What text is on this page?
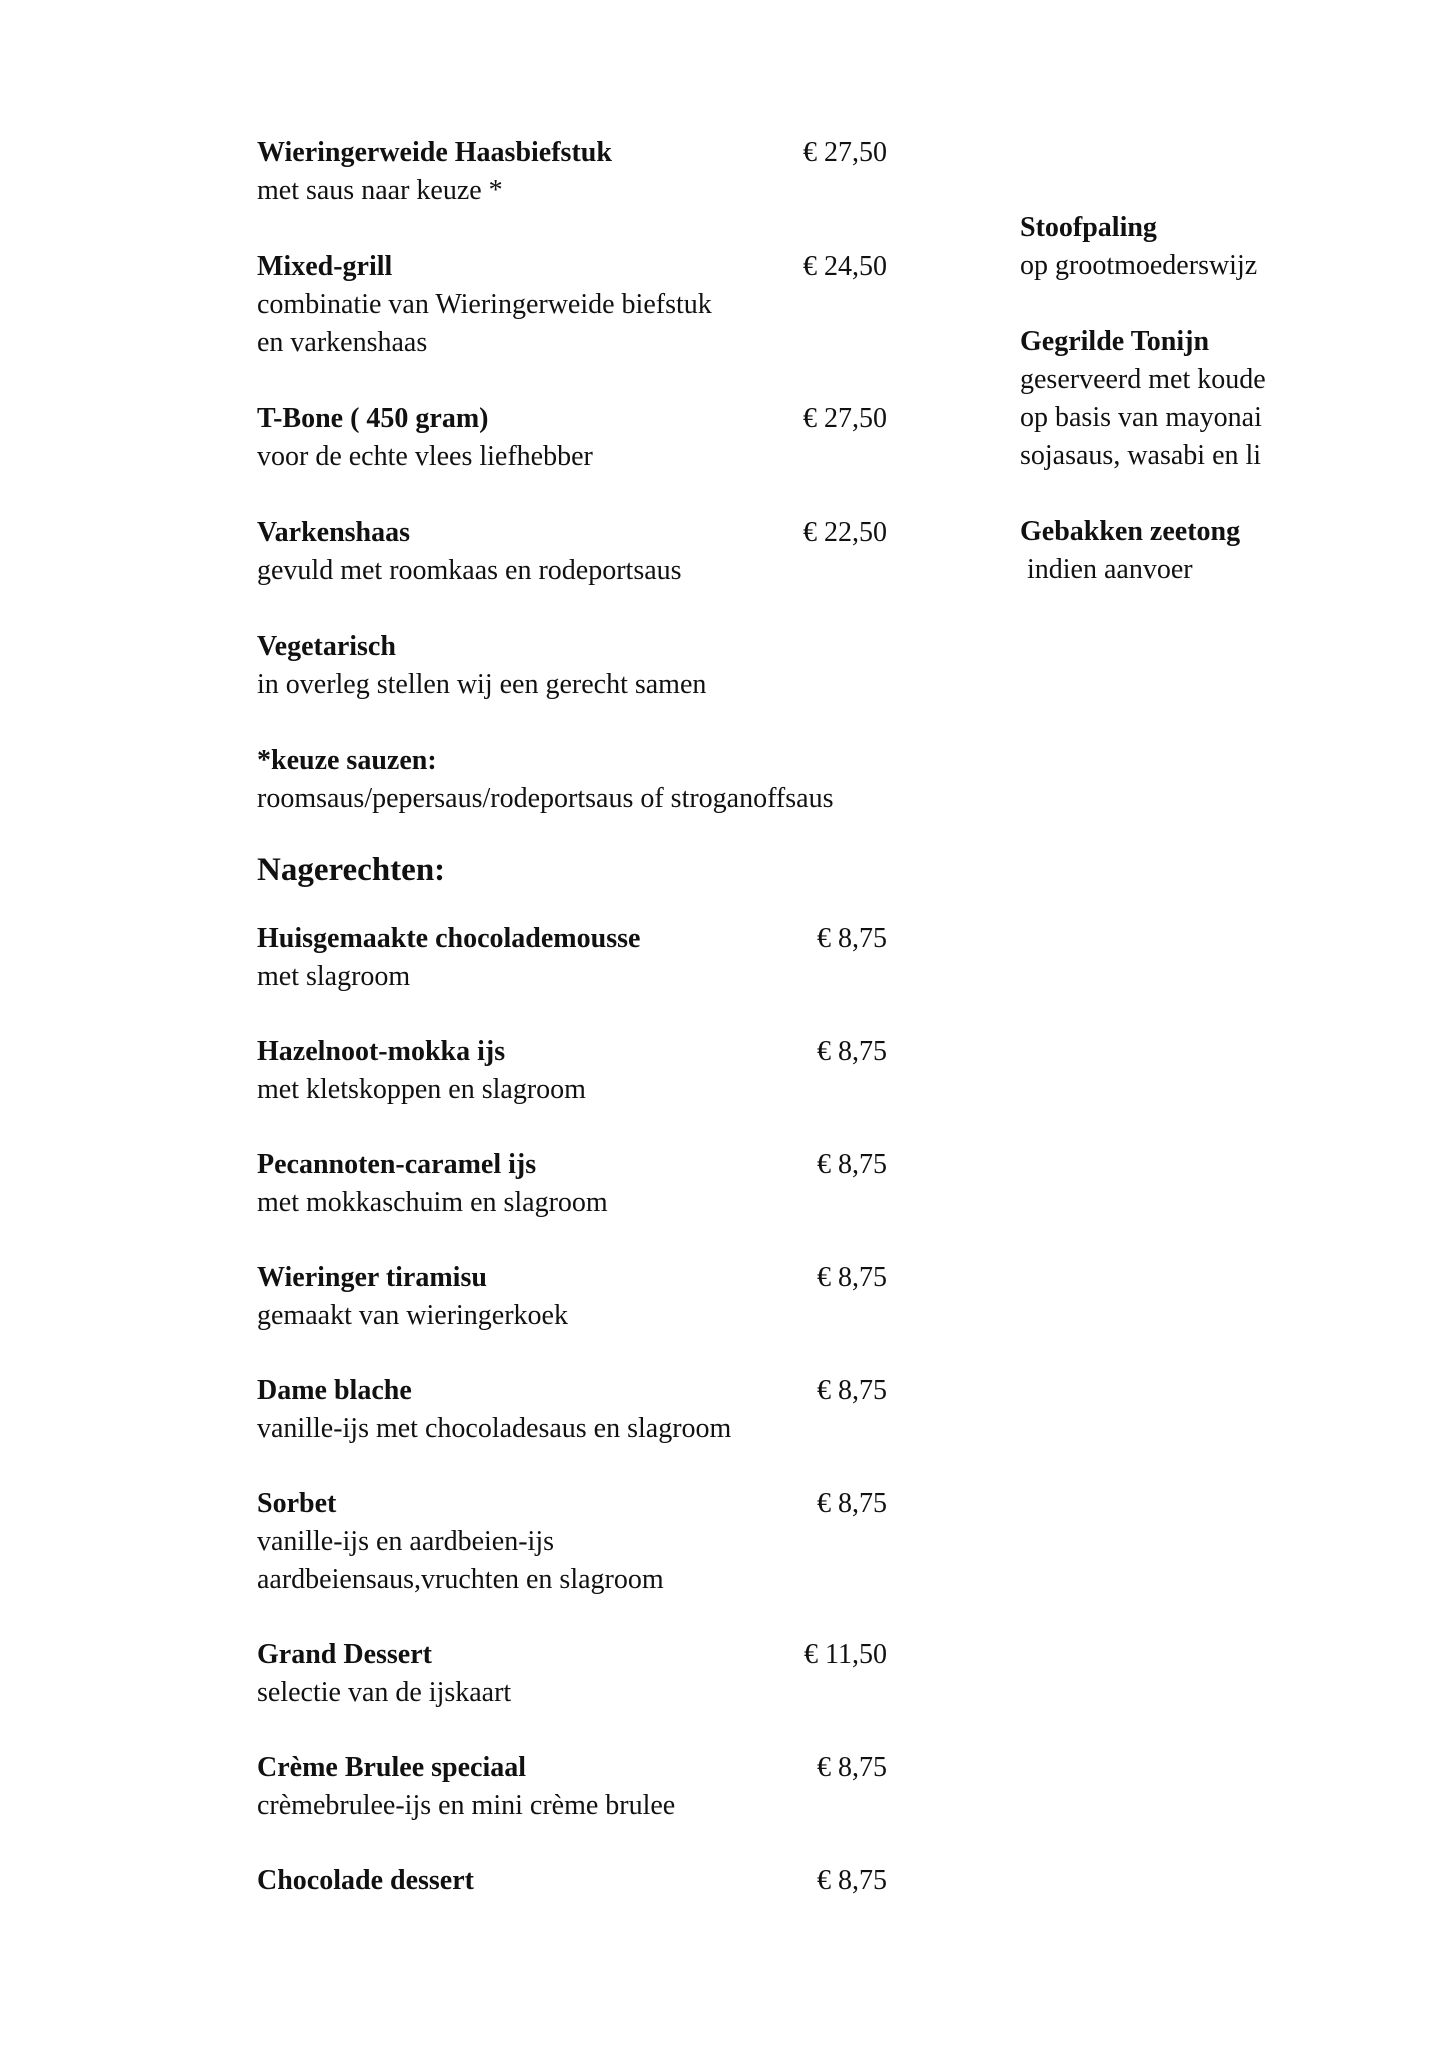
Wieringerweide Haasbiefstuk	€ 27,50
met saus naar keuze *
Mixed-grill	€ 24,50
combinatie van Wieringerweide biefstuk
en varkenshaas
T-Bone ( 450 gram)	€ 27,50
voor de echte vlees liefhebber
Varkenshaas	€ 22,50
gevuld met roomkaas en rodeportsaus
Vegetarisch
in overleg stellen wij een gerecht samen
*keuze sauzen:
roomsaus/pepersaus/rodeportsaus of stroganoffsaus
Nagerechten:
Huisgemaakte chocolademousse	€ 8,75
met slagroom
Hazelnoot-mokka ijs	€ 8,75
met kletskoppen en slagroom
Pecannoten-caramel ijs	€ 8,75
met mokkaschuim en slagroom
Wieringer tiramisu	€ 8,75
gemaakt van wieringerkoek
Dame blache	€ 8,75
vanille-ijs met chocoladesaus en slagroom
Sorbet	€ 8,75
vanille-ijs en aardbeien-ijs
aardbeiensaus,vruchten en slagroom
Grand Dessert	€ 11,50
selectie van de ijskaart
Crème Brulee speciaal	€ 8,75
crèmebrulee-ijs en mini crème brulee
Chocolade dessert	€ 8,75
Stoofpaling
op grootmoederswijz
Gegrilde Tonijn
geserveerd met koude
op basis van mayonai
sojasaus, wasabi en li
Gebakken zeetong
indien aanvoer
